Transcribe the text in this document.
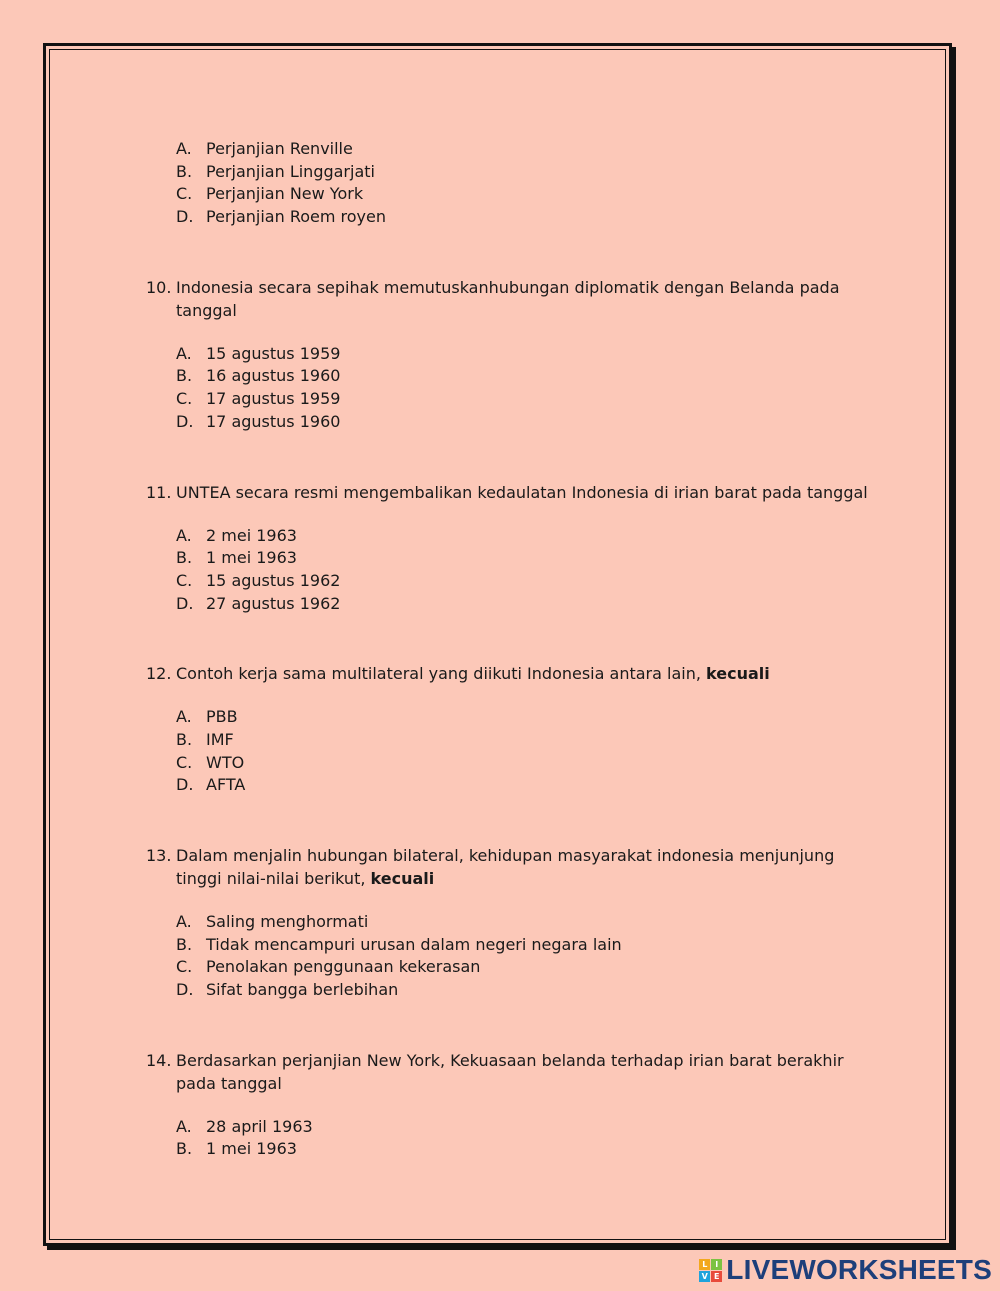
A. Perjanjian Renville
B. Perjanjian Linggarjati
C. Perjanjian New York
D. Perjanjian Roem royen
10. Indonesia secara sepihak memutuskanhubungan diplomatik dengan Belanda pada tanggal
A. 15 agustus 1959
B. 16 agustus 1960
C. 17 agustus 1959
D. 17 agustus 1960
11. UNTEA secara resmi mengembalikan kedaulatan Indonesia di irian barat pada tanggal
A. 2 mei 1963
B. 1 mei 1963
C. 15 agustus 1962
D. 27 agustus 1962
12. Contoh kerja sama multilateral yang diikuti Indonesia antara lain, kecuali
A. PBB
B. IMF
C. WTO
D. AFTA
13. Dalam menjalin hubungan bilateral, kehidupan masyarakat indonesia menjunjung tinggi nilai-nilai berikut, kecuali
A. Saling menghormati
B. Tidak mencampuri urusan dalam negeri negara lain
C. Penolakan penggunaan kekerasan
D. Sifat bangga berlebihan
14. Berdasarkan perjanjian New York, Kekuasaan belanda terhadap irian barat berakhir pada tanggal
A. 28 april 1963
B. 1 mei 1963
L I
V E LIVEWORKSHEETS
